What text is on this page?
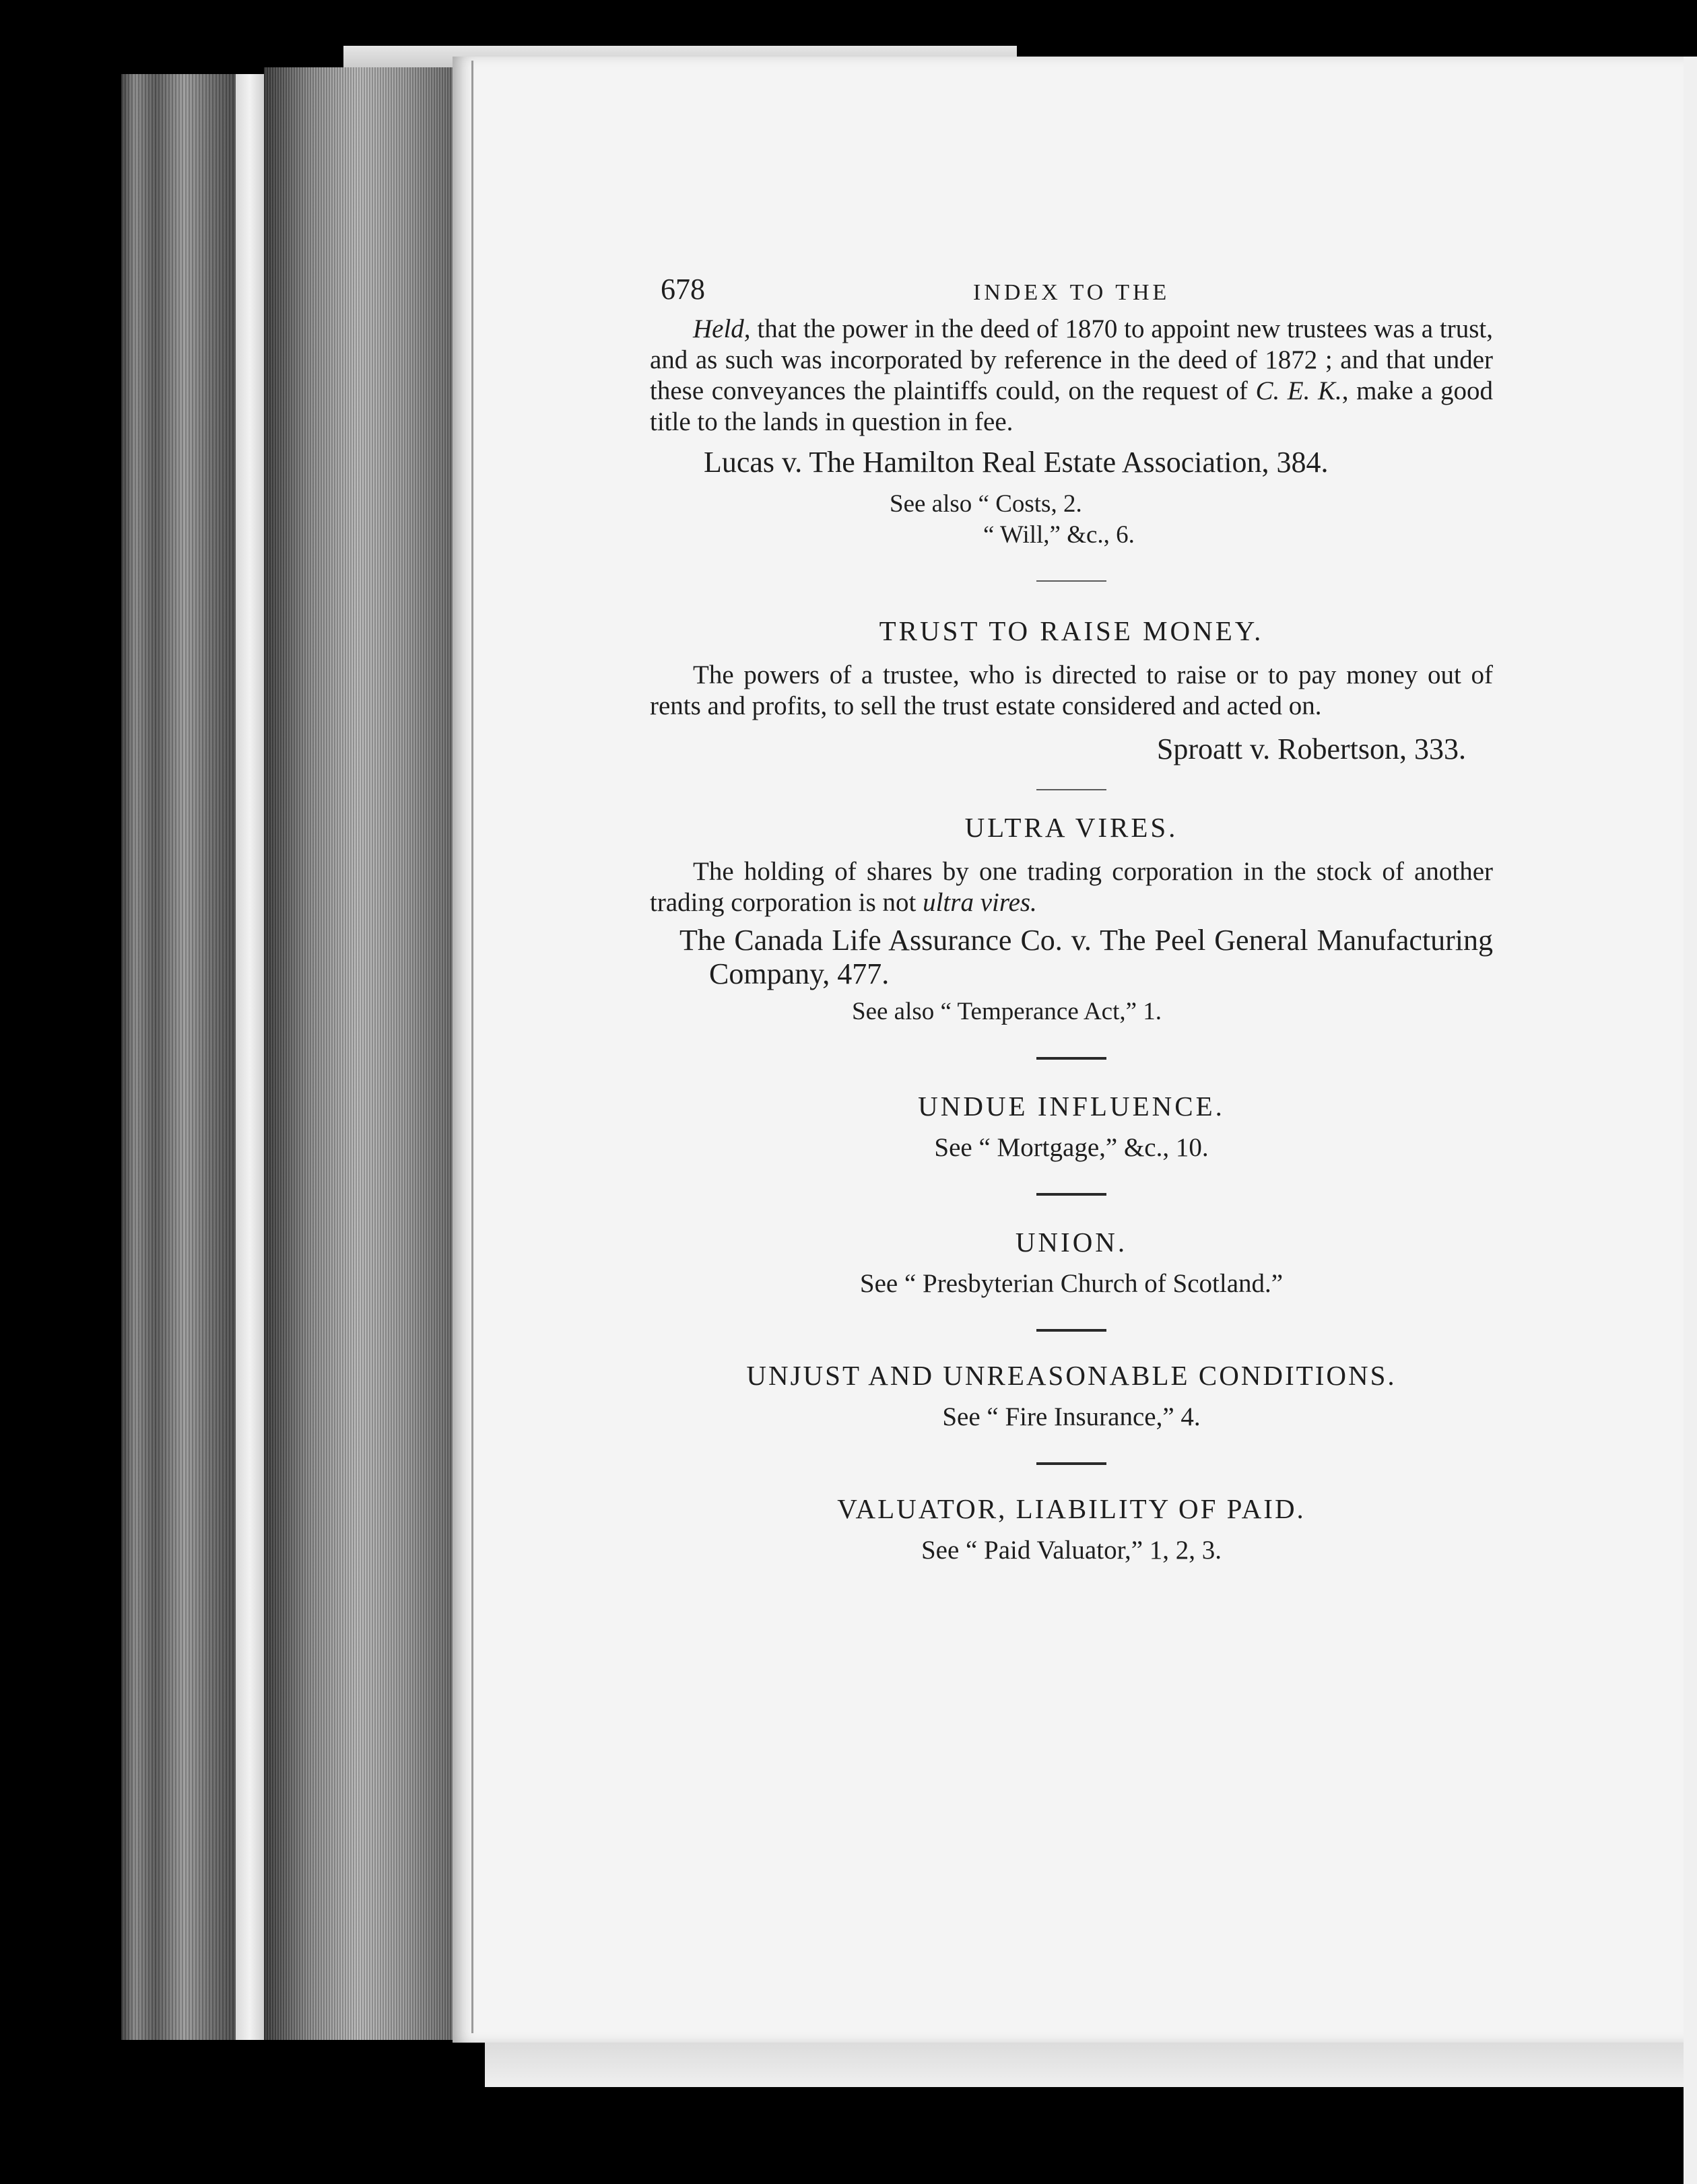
678	INDEX TO THE

Held, that the power in the deed of 1870 to appoint new trustees was a trust, and as such was incorporated by reference in the deed of 1872 ; and that under these conveyances the plaintiffs could, on the request of C. E. K., make a good title to the lands in question in fee.

Lucas v. The Hamilton Real Estate Association, 384.

See also “ Costs, 2.

“ Will,” &c., 6.

TRUST TO RAISE MONEY.

The powers of a trustee, who is directed to raise or to pay money out of rents and profits, to sell the trust estate considered and acted on.

Sproatt v. Robertson, 333.

ULTRA VIRES.

The holding of shares by one trading corporation in the stock of another trading corporation is not ultra vires.

The Canada Life Assurance Co. v. The Peel General Manufacturing Company, 477.

See also “ Temperance Act,” 1.

UNDUE INFLUENCE.

See “ Mortgage,” &c., 10.

UNION.

See “ Presbyterian Church of Scotland.”

UNJUST AND UNREASONABLE CONDITIONS.

See “ Fire Insurance,” 4.

VALUATOR, LIABILITY OF PAID.

See “ Paid Valuator,” 1, 2, 3.
